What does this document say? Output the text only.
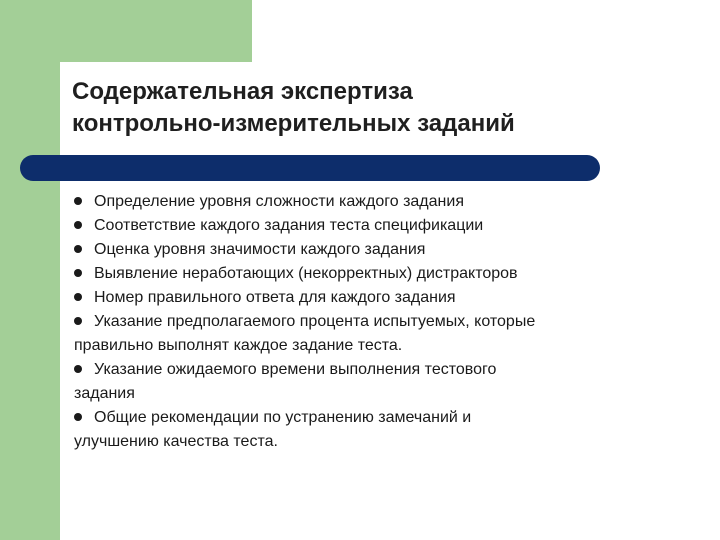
Содержательная экспертиза
контрольно-измерительных заданий
Определение уровня сложности каждого задания
Соответствие каждого задания теста спецификации
Оценка уровня значимости каждого задания
Выявление неработающих (некорректных) дистракторов
Номер правильного ответа для каждого задания
Указание предполагаемого процента испытуемых, которые
правильно выполнят каждое задание теста.
Указание ожидаемого времени выполнения тестового
задания
Общие рекомендации по устранению замечаний и
улучшению качества теста.
